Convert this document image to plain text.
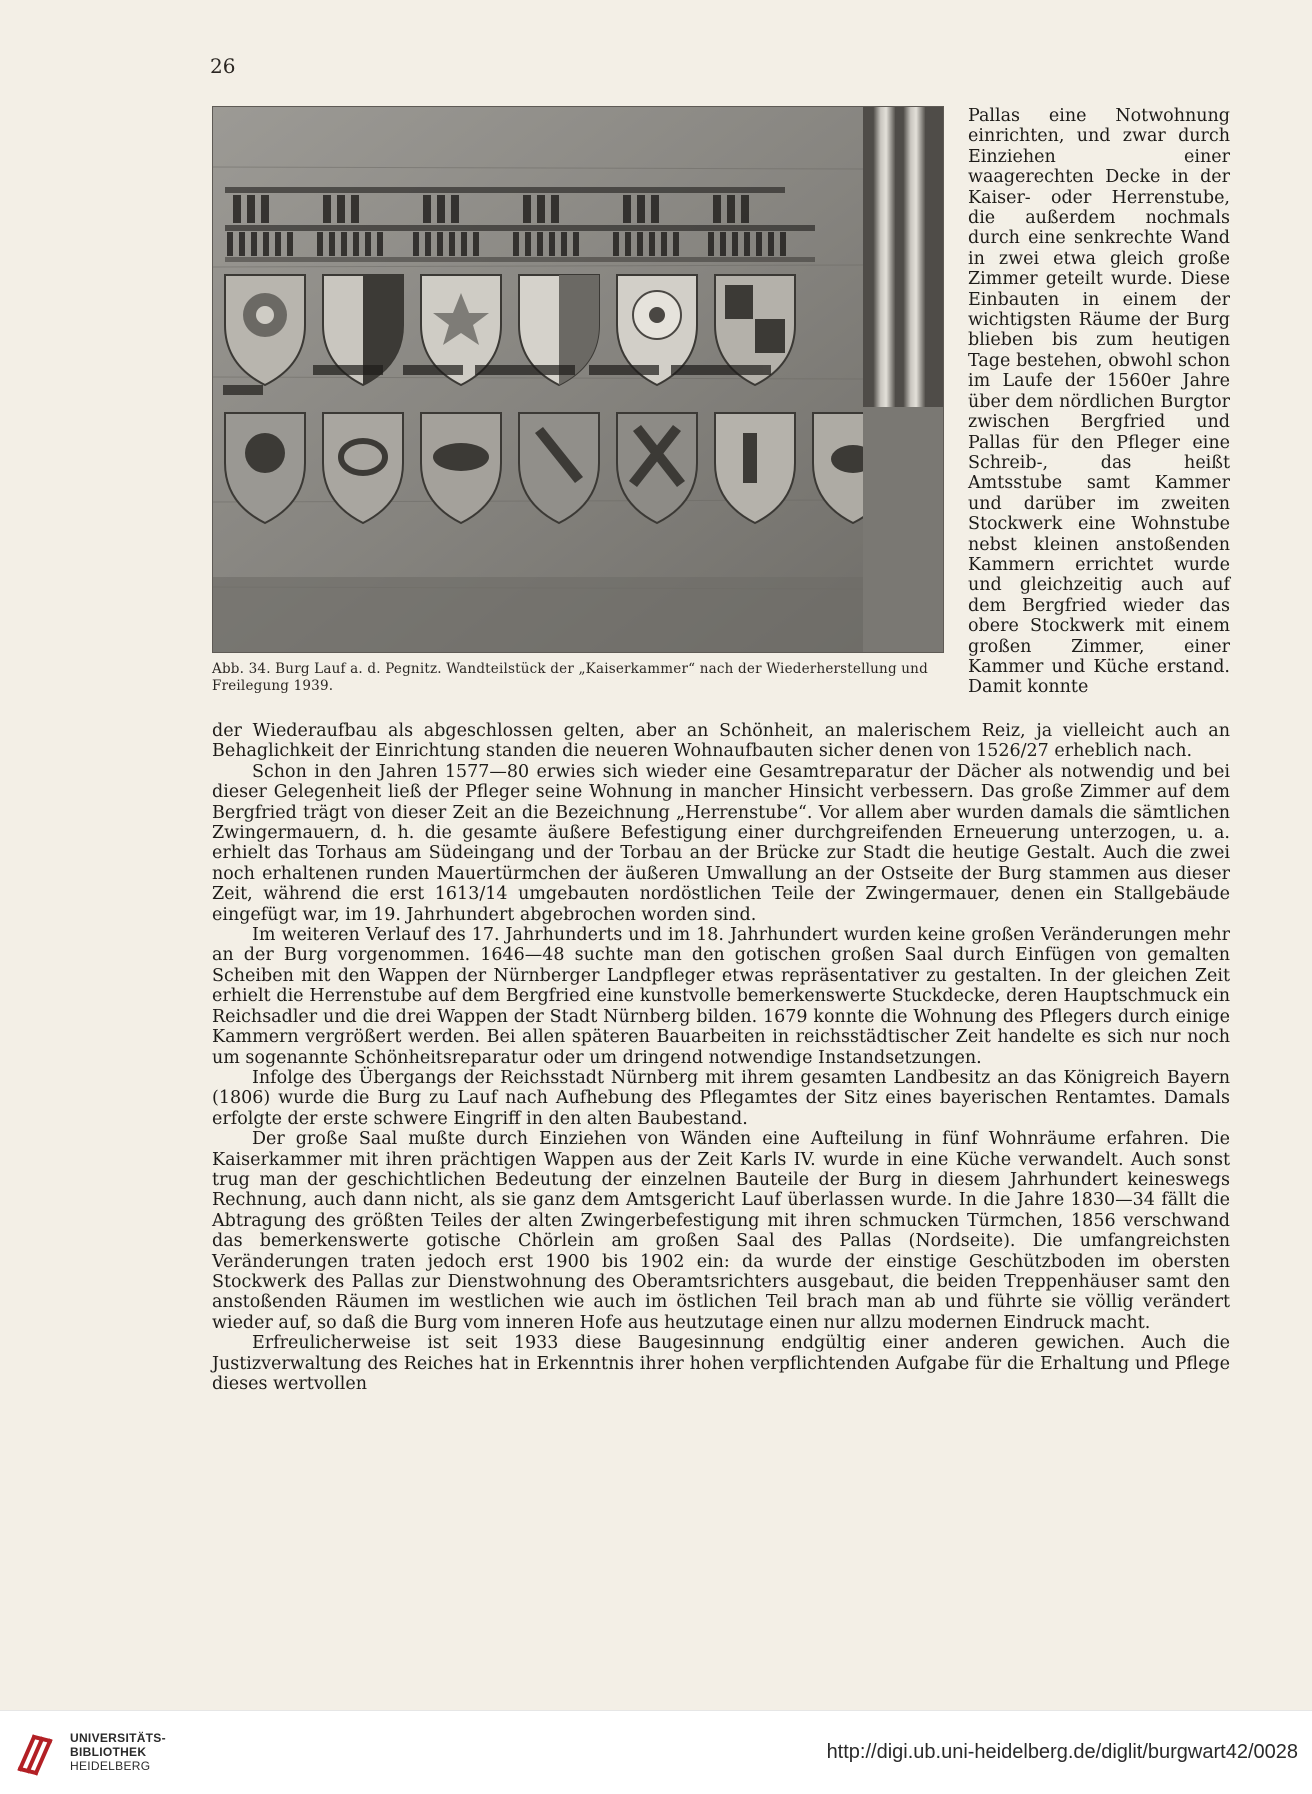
26
Abb. 34. Burg Lauf a. d. Pegnitz. Wandteilstück der „Kaiserkammer“ nach der Wiederherstellung und Freilegung 1939.

Pallas eine Notwohnung einrichten, und zwar durch Einziehen einer waagerechten Decke in der Kaiser- oder Herrenstube, die außerdem nochmals durch eine senkrechte Wand in zwei etwa gleich große Zimmer geteilt wurde. Diese Einbauten in einem der wichtigsten Räume der Burg blieben bis zum heutigen Tage bestehen, obwohl schon im Laufe der 1560er Jahre über dem nördlichen Burgtor zwischen Bergfried und Pallas für den Pfleger eine Schreib-, das heißt Amtsstube samt Kammer und darüber im zweiten Stockwerk eine Wohnstube nebst kleinen anstoßenden Kammern errichtet wurde und gleichzeitig auch auf dem Bergfried wieder das obere Stockwerk mit einem großen Zimmer, einer Kammer und Küche erstand. Damit konnte

der Wiederaufbau als abgeschlossen gelten, aber an Schönheit, an malerischem Reiz, ja vielleicht auch an Behaglichkeit der Einrichtung standen die neueren Wohnaufbauten sicher denen von 1526/27 erheblich nach.

Schon in den Jahren 1577—80 erwies sich wieder eine Gesamtreparatur der Dächer als notwendig und bei dieser Gelegenheit ließ der Pfleger seine Wohnung in mancher Hinsicht verbessern. Das große Zimmer auf dem Bergfried trägt von dieser Zeit an die Bezeichnung „Herrenstube“. Vor allem aber wurden damals die sämtlichen Zwingermauern, d. h. die gesamte äußere Befestigung einer durchgreifenden Erneuerung unterzogen, u. a. erhielt das Torhaus am Südeingang und der Torbau an der Brücke zur Stadt die heutige Gestalt. Auch die zwei noch erhaltenen runden Mauertürmchen der äußeren Umwallung an der Ostseite der Burg stammen aus dieser Zeit, während die erst 1613/14 umgebauten nordöstlichen Teile der Zwingermauer, denen ein Stallgebäude eingefügt war, im 19. Jahrhundert abgebrochen worden sind.

Im weiteren Verlauf des 17. Jahrhunderts und im 18. Jahrhundert wurden keine großen Veränderungen mehr an der Burg vorgenommen. 1646—48 suchte man den gotischen großen Saal durch Einfügen von gemalten Scheiben mit den Wappen der Nürnberger Landpfleger etwas repräsentativer zu gestalten. In der gleichen Zeit erhielt die Herrenstube auf dem Bergfried eine kunstvolle bemerkenswerte Stuckdecke, deren Hauptschmuck ein Reichsadler und die drei Wappen der Stadt Nürnberg bilden. 1679 konnte die Wohnung des Pflegers durch einige Kammern vergrößert werden. Bei allen späteren Bauarbeiten in reichsstädtischer Zeit handelte es sich nur noch um sogenannte Schönheitsreparatur oder um dringend notwendige Instandsetzungen.

Infolge des Übergangs der Reichsstadt Nürnberg mit ihrem gesamten Landbesitz an das Königreich Bayern (1806) wurde die Burg zu Lauf nach Aufhebung des Pflegamtes der Sitz eines bayerischen Rentamtes. Damals erfolgte der erste schwere Eingriff in den alten Baubestand.

Der große Saal mußte durch Einziehen von Wänden eine Aufteilung in fünf Wohnräume erfahren. Die Kaiserkammer mit ihren prächtigen Wappen aus der Zeit Karls IV. wurde in eine Küche verwandelt. Auch sonst trug man der geschichtlichen Bedeutung der einzelnen Bauteile der Burg in diesem Jahrhundert keineswegs Rechnung, auch dann nicht, als sie ganz dem Amtsgericht Lauf überlassen wurde. In die Jahre 1830—34 fällt die Abtragung des größten Teiles der alten Zwingerbefestigung mit ihren schmucken Türmchen, 1856 verschwand das bemerkenswerte gotische Chörlein am großen Saal des Pallas (Nordseite). Die umfangreichsten Veränderungen traten jedoch erst 1900 bis 1902 ein: da wurde der einstige Geschützboden im obersten Stockwerk des Pallas zur Dienstwohnung des Oberamtsrichters ausgebaut, die beiden Treppenhäuser samt den anstoßenden Räumen im westlichen wie auch im östlichen Teil brach man ab und führte sie völlig verändert wieder auf, so daß die Burg vom inneren Hofe aus heutzutage einen nur allzu modernen Eindruck macht.

Erfreulicherweise ist seit 1933 diese Baugesinnung endgültig einer anderen gewichen. Auch die Justizverwaltung des Reiches hat in Erkenntnis ihrer hohen verpflichtenden Aufgabe für die Erhaltung und Pflege dieses wertvollen

UNIVERSITÄTS-
BIBLIOTHEK
HEIDELBERG
http://digi.ub.uni-heidelberg.de/diglit/burgwart42/0028
